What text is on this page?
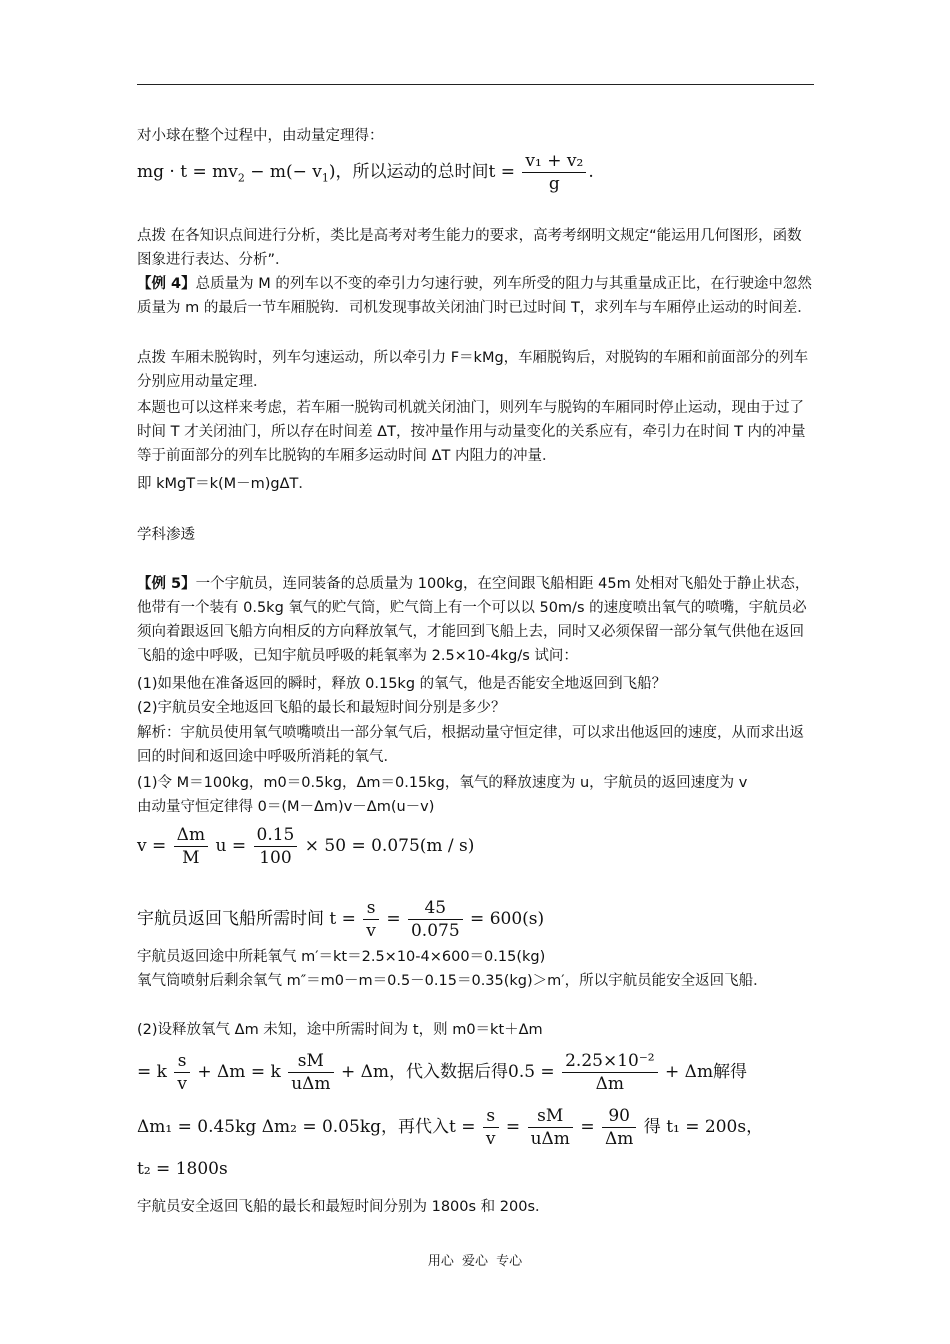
对小球在整个过程中，由动量定理得：
mg · $t = mv_2 - m(- v_1)$，所以运动的总时间$t = \frac{\text{v₁ + v₂}}{g}$ .
点拨 在各知识点间进行分析，类比是高考对考生能力的要求，高考考纲明文规定“能运用几何图形，函数图象进行表达、分析”．
【例 4】总质量为 M 的列车以不变的牵引力匀速行驶，列车所受的阻力与其重量成正比，在行驶途中忽然质量为 m 的最后一节车厢脱钩．司机发现事故关闭油门时已过时间 T，求列车与车厢停止运动的时间差．
点拨 车厢未脱钩时，列车匀速运动，所以牵引力 F＝kMg，车厢脱钩后，对脱钩的车厢和前面部分的列车分别应用动量定理．
本题也可以这样来考虑，若车厢一脱钩司机就关闭油门，则列车与脱钩的车厢同时停止运动，现由于过了时间 T 才关闭油门，所以存在时间差 ΔT，按冲量作用与动量变化的关系应有，牵引力在时间 T 内的冲量等于前面部分的列车比脱钩的车厢多运动时间 ΔT 内阻力的冲量．
即 kMgT＝k(M－m)gΔT．
学科渗透
【例 5】一个宇航员，连同装备的总质量为 100kg，在空间跟飞船相距 45m 处相对飞船处于静止状态，他带有一个装有 0.5kg 氧气的贮气筒，贮气筒上有一个可以以 50m/s 的速度喷出氧气的喷嘴，宇航员必须向着跟返回飞船方向相反的方向释放氧气，才能回到飞船上去，同时又必须保留一部分氧气供他在返回飞船的途中呼吸，已知宇航员呼吸的耗氧率为 2.5×10-4kg/s 试问：
(1)如果他在准备返回的瞬时，释放 0.15kg 的氧气，他是否能安全地返回到飞船？
(2)宇航员安全地返回飞船的最长和最短时间分别是多少？
解析：宇航员使用氧气喷嘴喷出一部分氧气后，根据动量守恒定律，可以求出他返回的速度，从而求出返回的时间和返回途中呼吸所消耗的氧气．
(1)令 M＝100kg，m0＝0.5kg，Δm＝0.15kg，氧气的释放速度为 u，宇航员的返回速度为 v
由动量守恒定律得 0＝(M－Δm)v－Δm(u－v)
$v = \frac{\Delta m}{M}$ $u = \frac{0.15}{100} \times 50 = 0.075(m / s)$
宇航员返回飞船所需时间 $t = \frac{s}{v} = \frac{45}{0.075} = 600(s)$
宇航员返回途中所耗氧气 m′＝kt＝2.5×10-4×600＝0.15(kg)
氧气筒喷射后剩余氧气 m″＝m0－m＝0.5－0.15＝0.35(kg)＞m′，所以宇航员能安全返回飞船．
(2)设释放氧气 Δm 未知，途中所需时间为 t，则 m0＝kt＋Δm
= k $\frac{s}{v} + \Delta m = k \frac{sM}{\text{uΔm}} + \Delta m$，代入数据后得$0.5 = \frac{\text{2.25×10⁻²}}{\Delta m} + \Delta m$解得
Δm₁ = 0.45kg Δm₂ = 0.05kg，再代入$t = \frac{s}{v} = \frac{sM}{\text{uΔm}} = \frac{90}{\Delta m}$ 得 t₁ = 200s，
t₂ = 1800s
宇航员安全返回飞船的最长和最短时间分别为 1800s 和 200s．
用心 爱心 专心
